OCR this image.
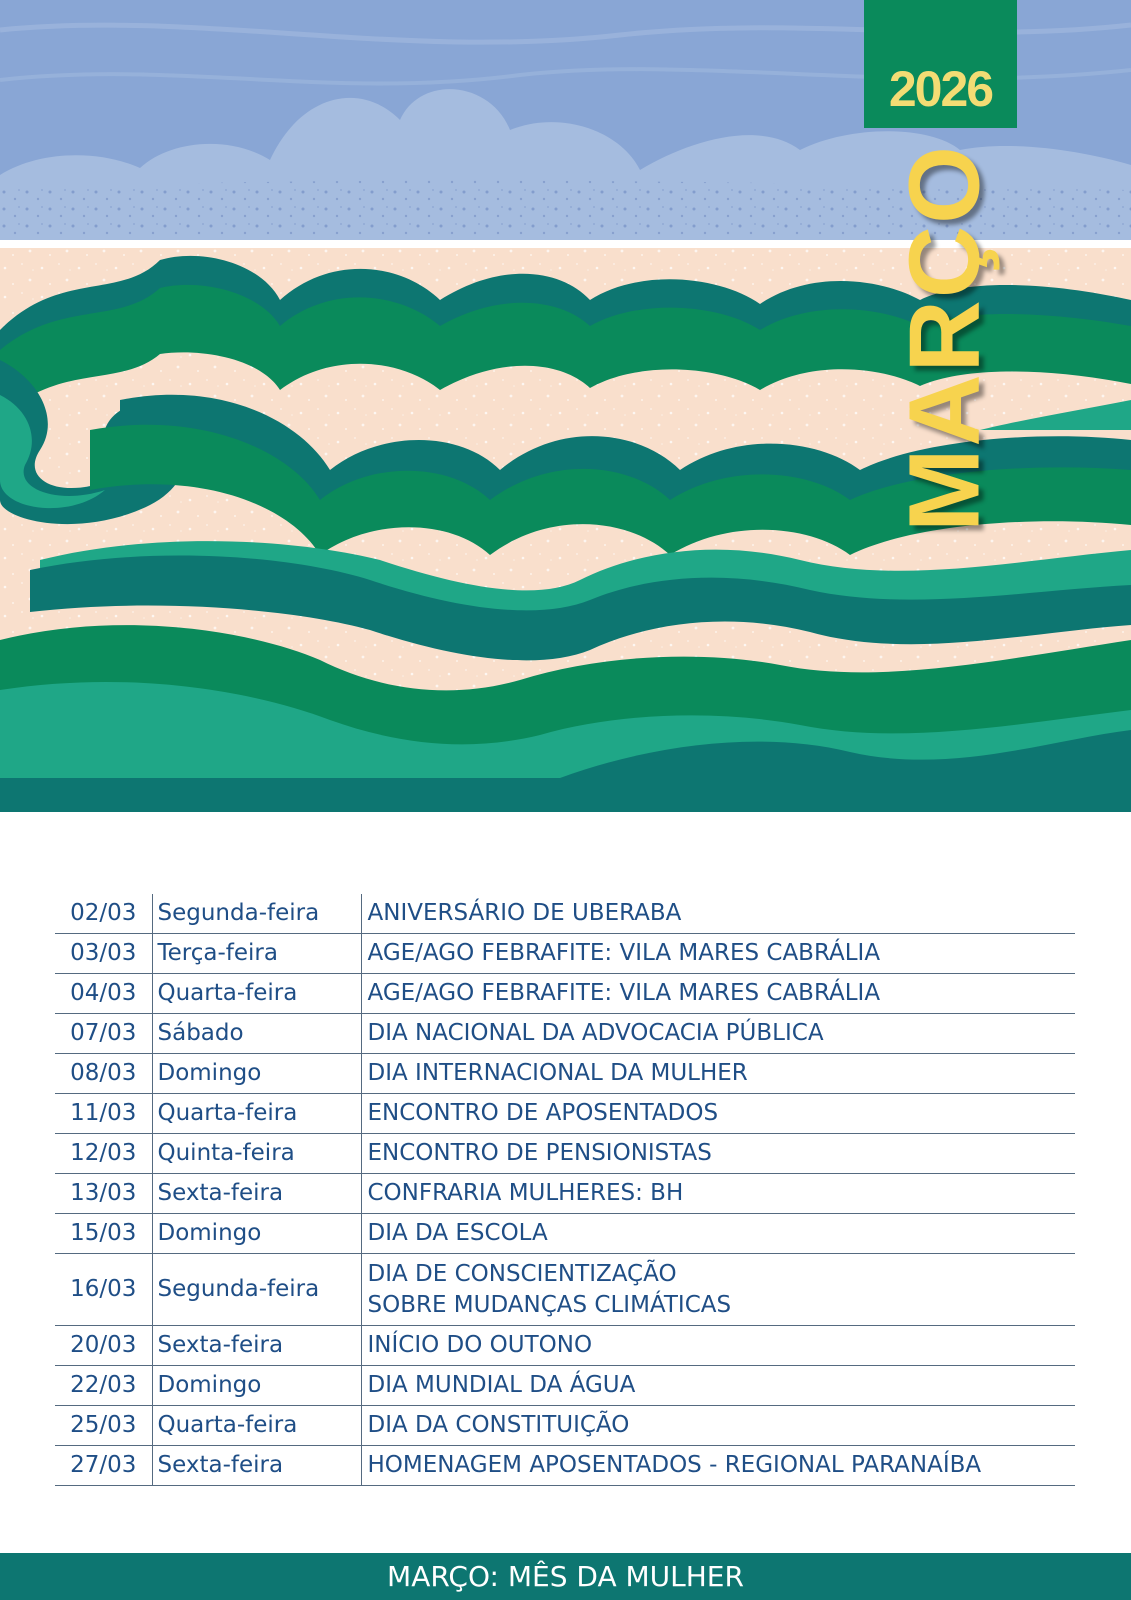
2026
MARÇO
02/03	Segunda-feira	ANIVERSÁRIO DE UBERABA

03/03	Terça-feira	AGE/AGO FEBRAFITE: VILA MARES CABRÁLIA

04/03	Quarta-feira	AGE/AGO FEBRAFITE: VILA MARES CABRÁLIA

07/03	Sábado	DIA NACIONAL DA ADVOCACIA PÚBLICA

08/03	Domingo	DIA INTERNACIONAL DA MULHER

11/03	Quarta-feira	ENCONTRO DE APOSENTADOS

12/03	Quinta-feira	ENCONTRO DE PENSIONISTAS

13/03	Sexta-feira	CONFRARIA MULHERES: BH

15/03	Domingo	DIA DA ESCOLA

16/03	Segunda-feira	DIA DE CONSCIENTIZAÇÃO
SOBRE MUDANÇAS CLIMÁTICAS

20/03	Sexta-feira	INÍCIO DO OUTONO

22/03	Domingo	DIA MUNDIAL DA ÁGUA

25/03	Quarta-feira	DIA DA CONSTITUIÇÃO

27/03	Sexta-feira	HOMENAGEM APOSENTADOS - REGIONAL PARANAÍBA
MARÇO: MÊS DA MULHER
